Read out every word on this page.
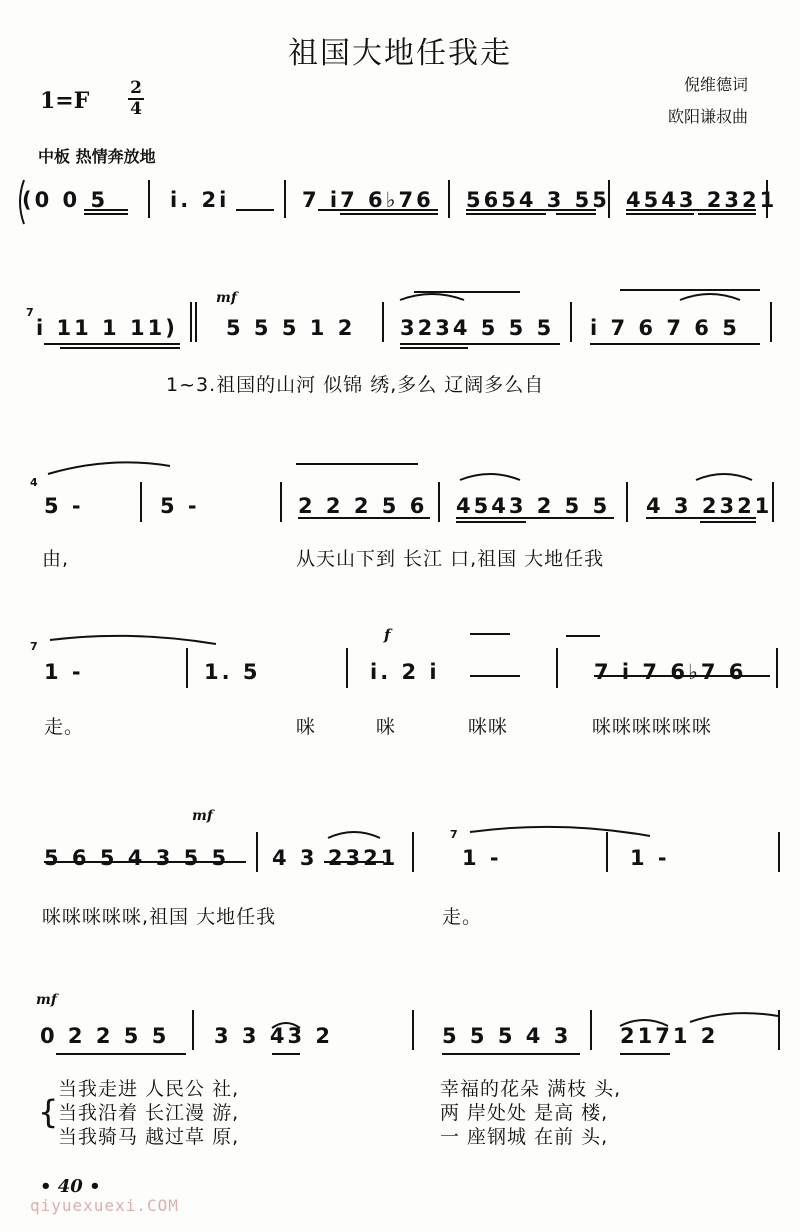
祖国大地任我走
1=F 2
4
倪维德词
欧阳谦叔曲
中板 热情奔放地
(0 0 5	i. 2i	7 i7 6♭76 5654 3 55 4543 2321
7
i 11 1 11)
mf
5 5 5 1 2 3234 5 5 5 i 7 6 7 6 5
1~3.祖国的山河 似锦 绣,多么 辽阔多么自
4
5 -	5 -	2 2 2 5 6 4543 2 5 5 4 3 2321
由,	从天山下到 长江 口,祖国 大地任我
7
1 -	1. 5
f
i. 2 i	7 i 7 6♭7 6
走。	咪	咪	咪咪	咪咪咪咪咪咪
mf
5 6 5 4 3 5 5 4 3 2321
7
1 -	1 -
咪咪咪咪咪,祖国 大地任我	走。
mf
0 2 2 5 5 3 3 43 2	5 5 5 4 3 2171 2
{
当我走进 人民公 社,
当我沿着 长江漫 游,
当我骑马 越过草 原,
幸福的花朵 满枝 头,
两 岸处处 是高 楼,
一 座钢城 在前 头,
• 40 •
qiyuexuexi.COM
